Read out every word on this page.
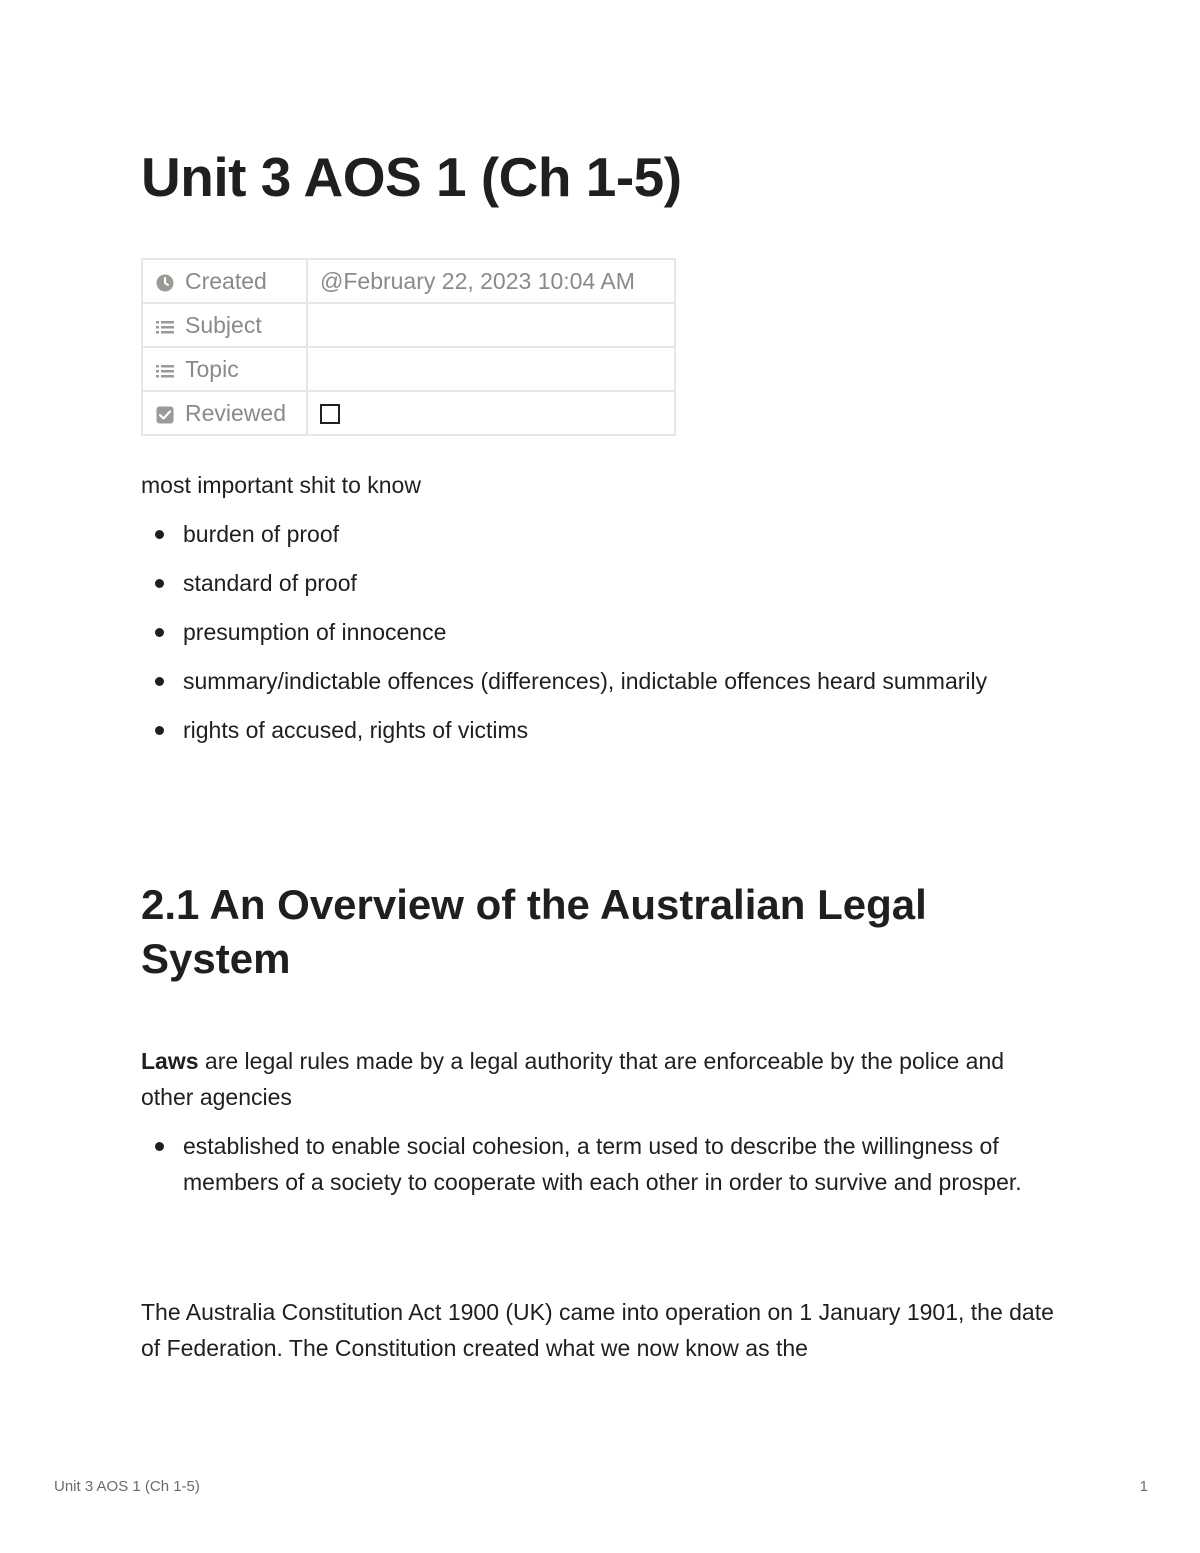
Unit 3 AOS 1 (Ch 1-5)
Created	@February 22, 2023 10:04 AM
Subject	
Topic	
Reviewed	

most important shit to know

burden of proof
standard of proof
presumption of innocence
summary/indictable offences (differences), indictable offences heard summarily
rights of accused, rights of victims
2.1 An Overview of the Australian Legal System

Laws are legal rules made by a legal authority that are enforceable by the police and other agencies

established to enable social cohesion, a term used to describe the willingness of members of a society to cooperate with each other in order to survive and prosper.

The Australia Constitution Act 1900 (UK) came into operation on 1 January 1901, the date of Federation. The Constitution created what we now know as the

Unit 3 AOS 1 (Ch 1-5)	1
